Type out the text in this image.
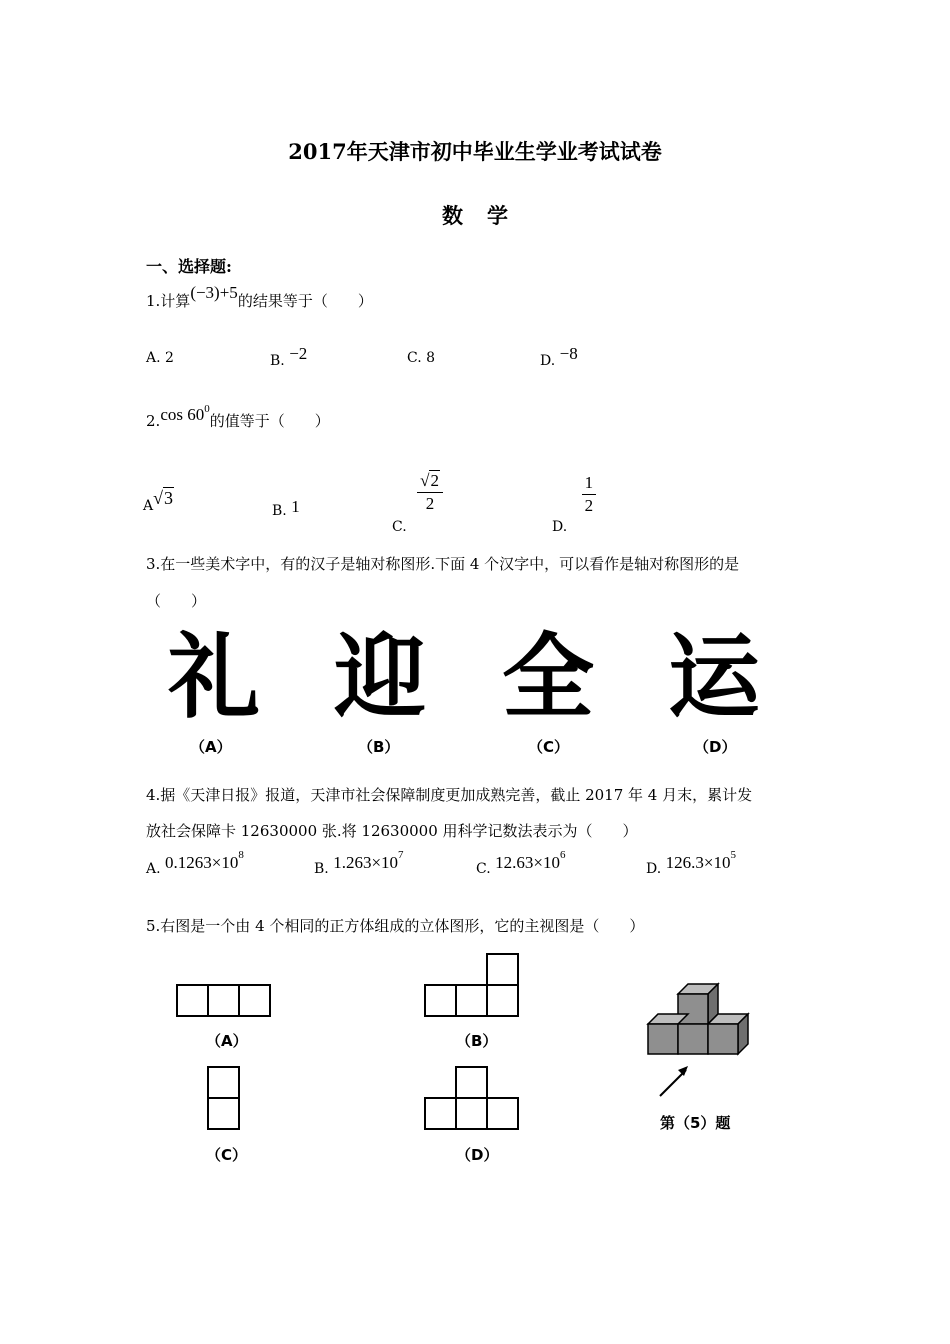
2017年天津市初中毕业生学业考试试卷
数学
一、选择题:
1.计算(−3)+5的结果等于（　　）
A. 2	B. −2	C. 8	D. −8
2.cos $60^0$的值等于（　　）
A√3
B. 1
C.
$\frac{√2}{2}$
D.
$\frac{1}{2}$
3.在一些美术字中，有的汉子是轴对称图形.下面 4 个汉字中，可以看作是轴对称图形的是
（　　）
礼 迎 全 运
（A）	（B）	（C）	（D）
4.据《天津日报》报道，天津市社会保障制度更加成熟完善，截止 2017 年 4 月末，累计发
放社会保障卡 12630000 张.将 12630000 用科学记数法表示为（　　）
A. $0.1263\times 10^8$
B. $1.263\times 10^7$
C. $12.63\times 10^6$
D. $126.3\times 10^5$
5.右图是一个由 4 个相同的正方体组成的立体图形，它的主视图是（　　）
（A）	（B）
（C）	（D）
第（5）题
